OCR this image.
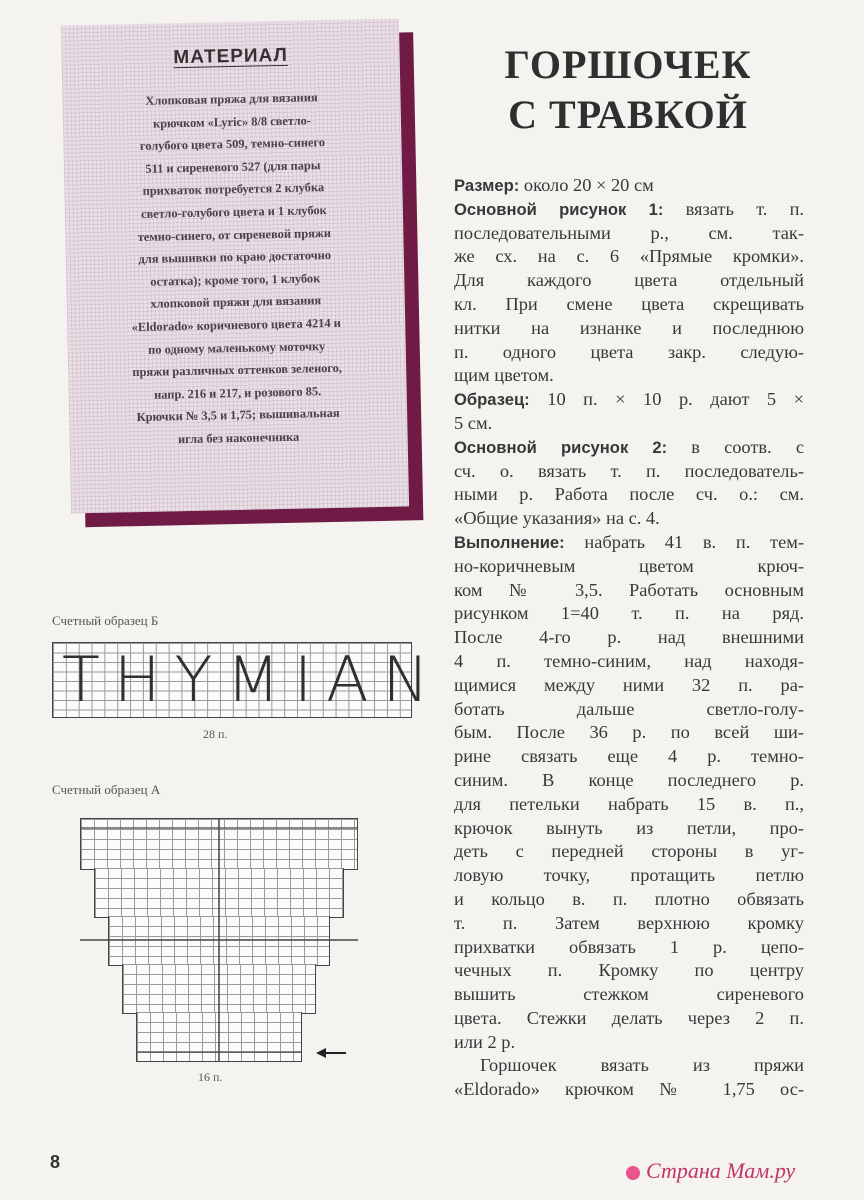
МАТЕРИАЛ
Хлопковая пряжа для вязания
крючком «Lyric» 8/8 светло-
голубого цвета 509, темно-синего
511 и сиреневого 527 (для пары
прихваток потребуется 2 клубка
светло-голубого цвета и 1 клубок
темно-синего, от сиреневой пряжи
для вышивки по краю достаточно
остатка); кроме того, 1 клубок
хлопковой пряжи для вязания
«Eldorado» коричневого цвета 4214 и
по одному маленькому моточку
пряжи различных оттенков зеленого,
напр. 216 и 217, и розового 85.
Крючки № 3,5 и 1,75; вышивальная
игла без наконечника
ГОРШОЧЕК
С ТРАВКОЙ
Размер: около 20 × 20 см
Основной рисунок 1: вязать т. п.
последовательными р., см. так-
же сх. на с. 6 «Прямые кромки».
Для каждого цвета отдельный
кл. При смене цвета скрещивать
нитки на изнанке и последнюю
п. одного цвета закр. следую-
щим цветом.
Образец: 10 п. × 10 р. дают 5 ×
5 см.
Основной рисунок 2: в соотв. с
сч. о. вязать т. п. последователь-
ными р. Работа после сч. о.: см.
«Общие указания» на с. 4.
Выполнение: набрать 41 в. п. тем-
но-коричневым цветом крюч-
ком № 3,5. Работать основным
рисунком 1=40 т. п. на ряд.
После 4-го р. над внешними
4 п. темно-синим, над находя-
щимися между ними 32 п. ра-
ботать дальше светло-голу-
бым. После 36 р. по всей ши-
рине связать еще 4 р. темно-
синим. В конце последнего р.
для петельки набрать 15 в. п.,
крючок вынуть из петли, про-
деть с передней стороны в уг-
ловую точку, протащить петлю
и кольцо в. п. плотно обвязать
т. п. Затем верхнюю кромку
прихватки обвязать 1 р. цепо-
чечных п. Кромку по центру
вышить стежком сиреневого
цвета. Стежки делать через 2 п.
или 2 р.
Горшочек вязать из пряжи
«Eldorado» крючком № 1,75 ос-
Счетный образец Б
THYMIAN
28 п.
Счетный образец А
16 п.
8	Страна Мам.ру
